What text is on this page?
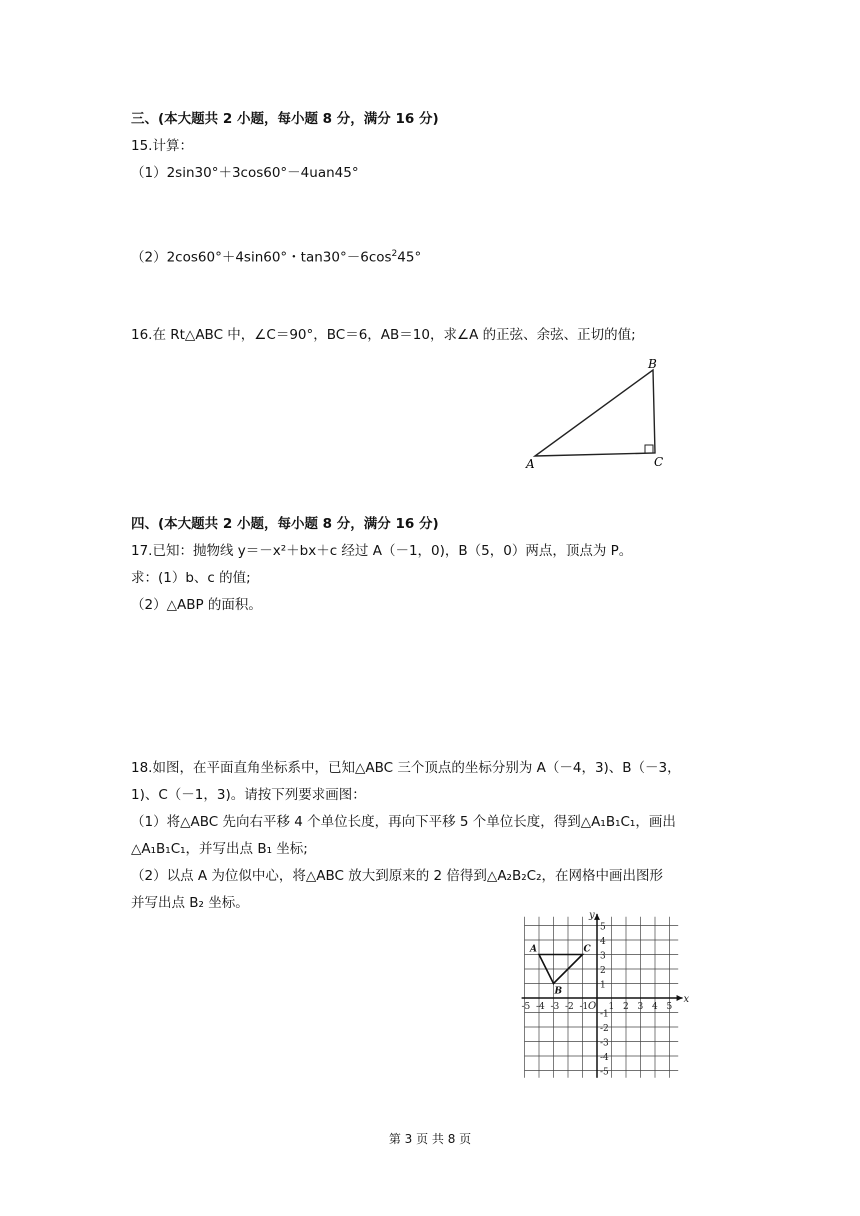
三、(本大题共 2 小题，每小题 8 分，满分 16 分)
15.计算：
（1）2sin30°＋3cos60°－4uan45°
（2）2cos60°＋4sin60°・$\tan 30^\circ-6\cos^245^\circ$
16.在 Rt△ABC 中，∠C＝90°，BC＝6，AB＝10，求∠A 的正弦、余弦、正切的值;
A
B
C
四、(本大题共 2 小题，每小题 8 分，满分 16 分)
17.已知：抛物线 y＝－x²＋bx＋c 经过 A（－1，0)，B（5，0）两点，顶点为 P。
求：(1）b、c 的值;
（2）△ABP 的面积。
18.如图，在平面直角坐标系中，已知△ABC 三个顶点的坐标分别为 A（－4，3)、B（－3，
1)、C（－1，3)。请按下列要求画图：
（1）将△ABC 先向右平移 4 个单位长度，再向下平移 5 个单位长度，得到△A₁B₁C₁，画出
△A₁B₁C₁，并写出点 B₁ 坐标;
（2）以点 A 为位似中心，将△ABC 放大到原来的 2 倍得到△A₂B₂C₂，在网格中画出图形
并写出点 B₂ 坐标。
-5 -4 -3 -2 -1 1 2 3 4 5
5
4
3
2
1
-1
-2
-3
-4
-5
O
x
y
A
B
C
第 3 页 共 8 页
